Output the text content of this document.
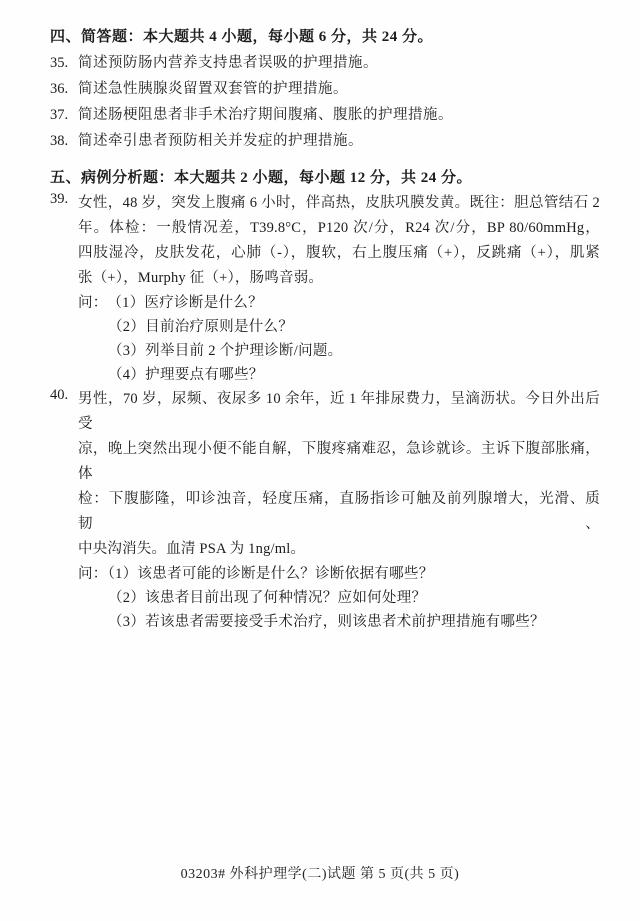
四、简答题：本大题共 4 小题，每小题 6 分，共 24 分。
35. 简述预防肠内营养支持患者误吸的护理措施。
36. 简述急性胰腺炎留置双套管的护理措施。
37. 简述肠梗阻患者非手术治疗期间腹痛、腹胀的护理措施。
38. 简述牵引患者预防相关并发症的护理措施。
五、病例分析题：本大题共 2 小题，每小题 12 分，共 24 分。
39. 女性，48 岁，突发上腹痛 6 小时，伴高热，皮肤巩膜发黄。既往：胆总管结石 2
年。体检：一般情况差，T39.8°C，P120 次/分，R24 次/分，BP 80/60mmHg，
四肢湿冷，皮肤发花，心肺（-），腹软，右上腹压痛（+），反跳痛（+），肌紧
张（+），Murphy 征（+），肠鸣音弱。
问： （1）医疗诊断是什么？
（2）目前治疗原则是什么？
（3）列举目前 2 个护理诊断/问题。
（4）护理要点有哪些？
40. 男性，70 岁，尿频、夜尿多 10 余年，近 1 年排尿费力，呈滴沥状。今日外出后受
凉，晚上突然出现小便不能自解，下腹疼痛难忍，急诊就诊。主诉下腹部胀痛，体
检：下腹膨隆，叩诊浊音，轻度压痛，直肠指诊可触及前列腺增大，光滑、质韧、
中央沟消失。血清 PSA 为 1ng/ml。
问：（1）该患者可能的诊断是什么？诊断依据有哪些？
（2）该患者目前出现了何种情况？应如何处理？
（3）若该患者需要接受手术治疗，则该患者术前护理措施有哪些？
03203# 外科护理学(二)试题 第 5 页(共 5 页)
